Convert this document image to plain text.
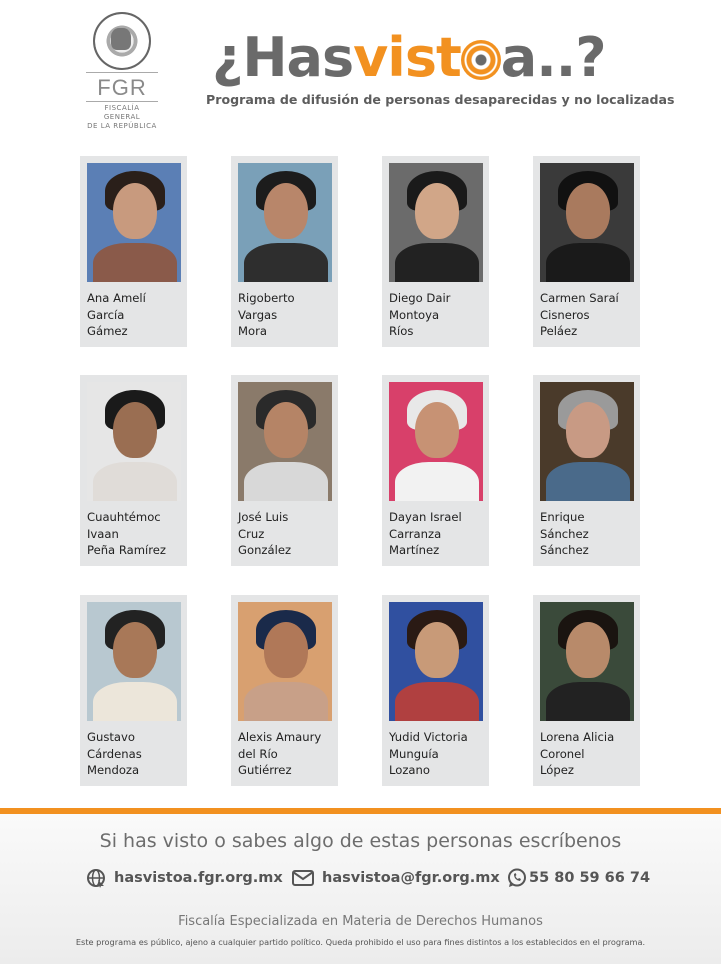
FGR
FISCALÍA GENERAL
DE LA REPÚBLICA
¿Hasvist a..?
Programa de difusión de personas desaparecidas y no localizadas
Ana Amelí
García
Gámez
Rigoberto
Vargas
Mora
Diego Dair
Montoya
Ríos
Carmen Saraí
Cisneros
Peláez
Cuauhtémoc
Ivaan
Peña Ramírez
José Luis
Cruz
González
Dayan Israel
Carranza
Martínez
Enrique
Sánchez
Sánchez
Gustavo
Cárdenas
Mendoza
Alexis Amaury
del Río
Gutiérrez
Yudid Victoria
Munguía
Lozano
Lorena Alicia
Coronel
López
Si has visto o sabes algo de estas personas escríbenos
hasvistoa.fgr.org.mx	hasvistoa@fgr.org.mx 55 80 59 66 74
Fiscalía Especializada en Materia de Derechos Humanos
Este programa es público, ajeno a cualquier partido político. Queda prohibido el uso para fines distintos a los establecidos en el programa.
